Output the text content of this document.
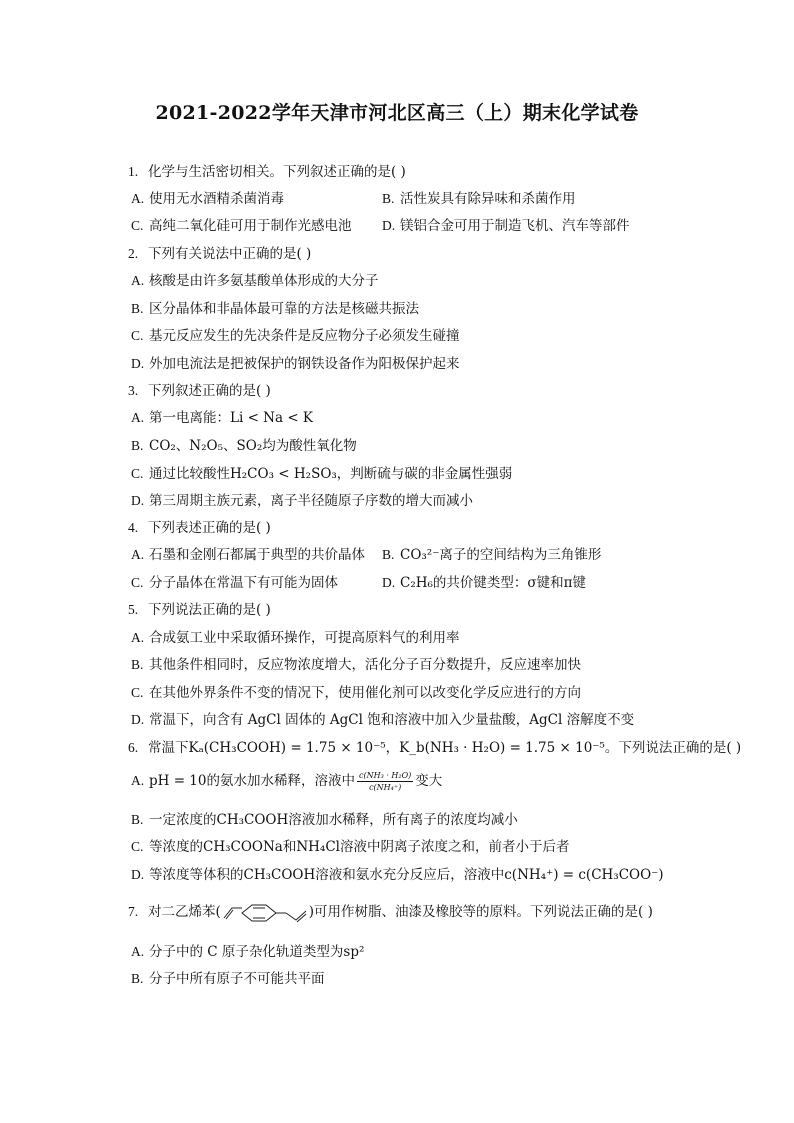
2021-2022学年天津市河北区高三（上）期末化学试卷
1. 化学与生活密切相关。下列叙述正确的是( )
A. 使用无水酒精杀菌消毒	B. 活性炭具有除异味和杀菌作用
C. 高纯二氧化硅可用于制作光感电池 D. 镁铝合金可用于制造飞机、汽车等部件
2. 下列有关说法中正确的是( )
A. 核酸是由许多氨基酸单体形成的大分子
B. 区分晶体和非晶体最可靠的方法是核磁共振法
C. 基元反应发生的先决条件是反应物分子必须发生碰撞
D. 外加电流法是把被保护的钢铁设备作为阳极保护起来
3. 下列叙述正确的是( )
A. 第一电离能：Li < Na < K
B. CO₂、N₂O₅、SO₂均为酸性氧化物
C. 通过比较酸性H₂CO₃ < H₂SO₃，判断硫与碳的非金属性强弱
D. 第三周期主族元素，离子半径随原子序数的增大而减小
4. 下列表述正确的是( )
A. 石墨和金刚石都属于典型的共价晶体 B. CO₃²⁻离子的空间结构为三角锥形
C. 分子晶体在常温下有可能为固体	D. C₂H₆的共价键类型：σ键和π键
5. 下列说法正确的是( )
A. 合成氨工业中采取循环操作，可提高原料气的利用率
B. 其他条件相同时，反应物浓度增大，活化分子百分数提升，反应速率加快
C. 在其他外界条件不变的情况下，使用催化剂可以改变化学反应进行的方向
D. 常温下，向含有 AgCl 固体的 AgCl 饱和溶液中加入少量盐酸，AgCl 溶解度不变
6. 常温下Kₐ(CH₃COOH) = 1.75 × 10⁻⁵，K_b(NH₃ · H₂O) = 1.75 × 10⁻⁵。下列说法正确的是( )
A. pH = 10的氨水加水稀释，溶液中 $\frac{\text{c(NH₃ · H₂O)}}{\text{c(NH₄⁺)}}$ 变大
B. 一定浓度的CH₃COOH溶液加水稀释，所有离子的浓度均减小
C. 等浓度的CH₃COONa和NH₄Cl溶液中阴离子浓度之和，前者小于后者
D. 等浓度等体积的CH₃COOH溶液和氨水充分反应后，溶液中c(NH₄⁺) = c(CH₃COO⁻)
7. 对二乙烯苯(	)可用作树脂、油漆及橡胶等的原料。下列说法正确的是( )
A. 分子中的 C 原子杂化轨道类型为sp²
B. 分子中所有原子不可能共平面
